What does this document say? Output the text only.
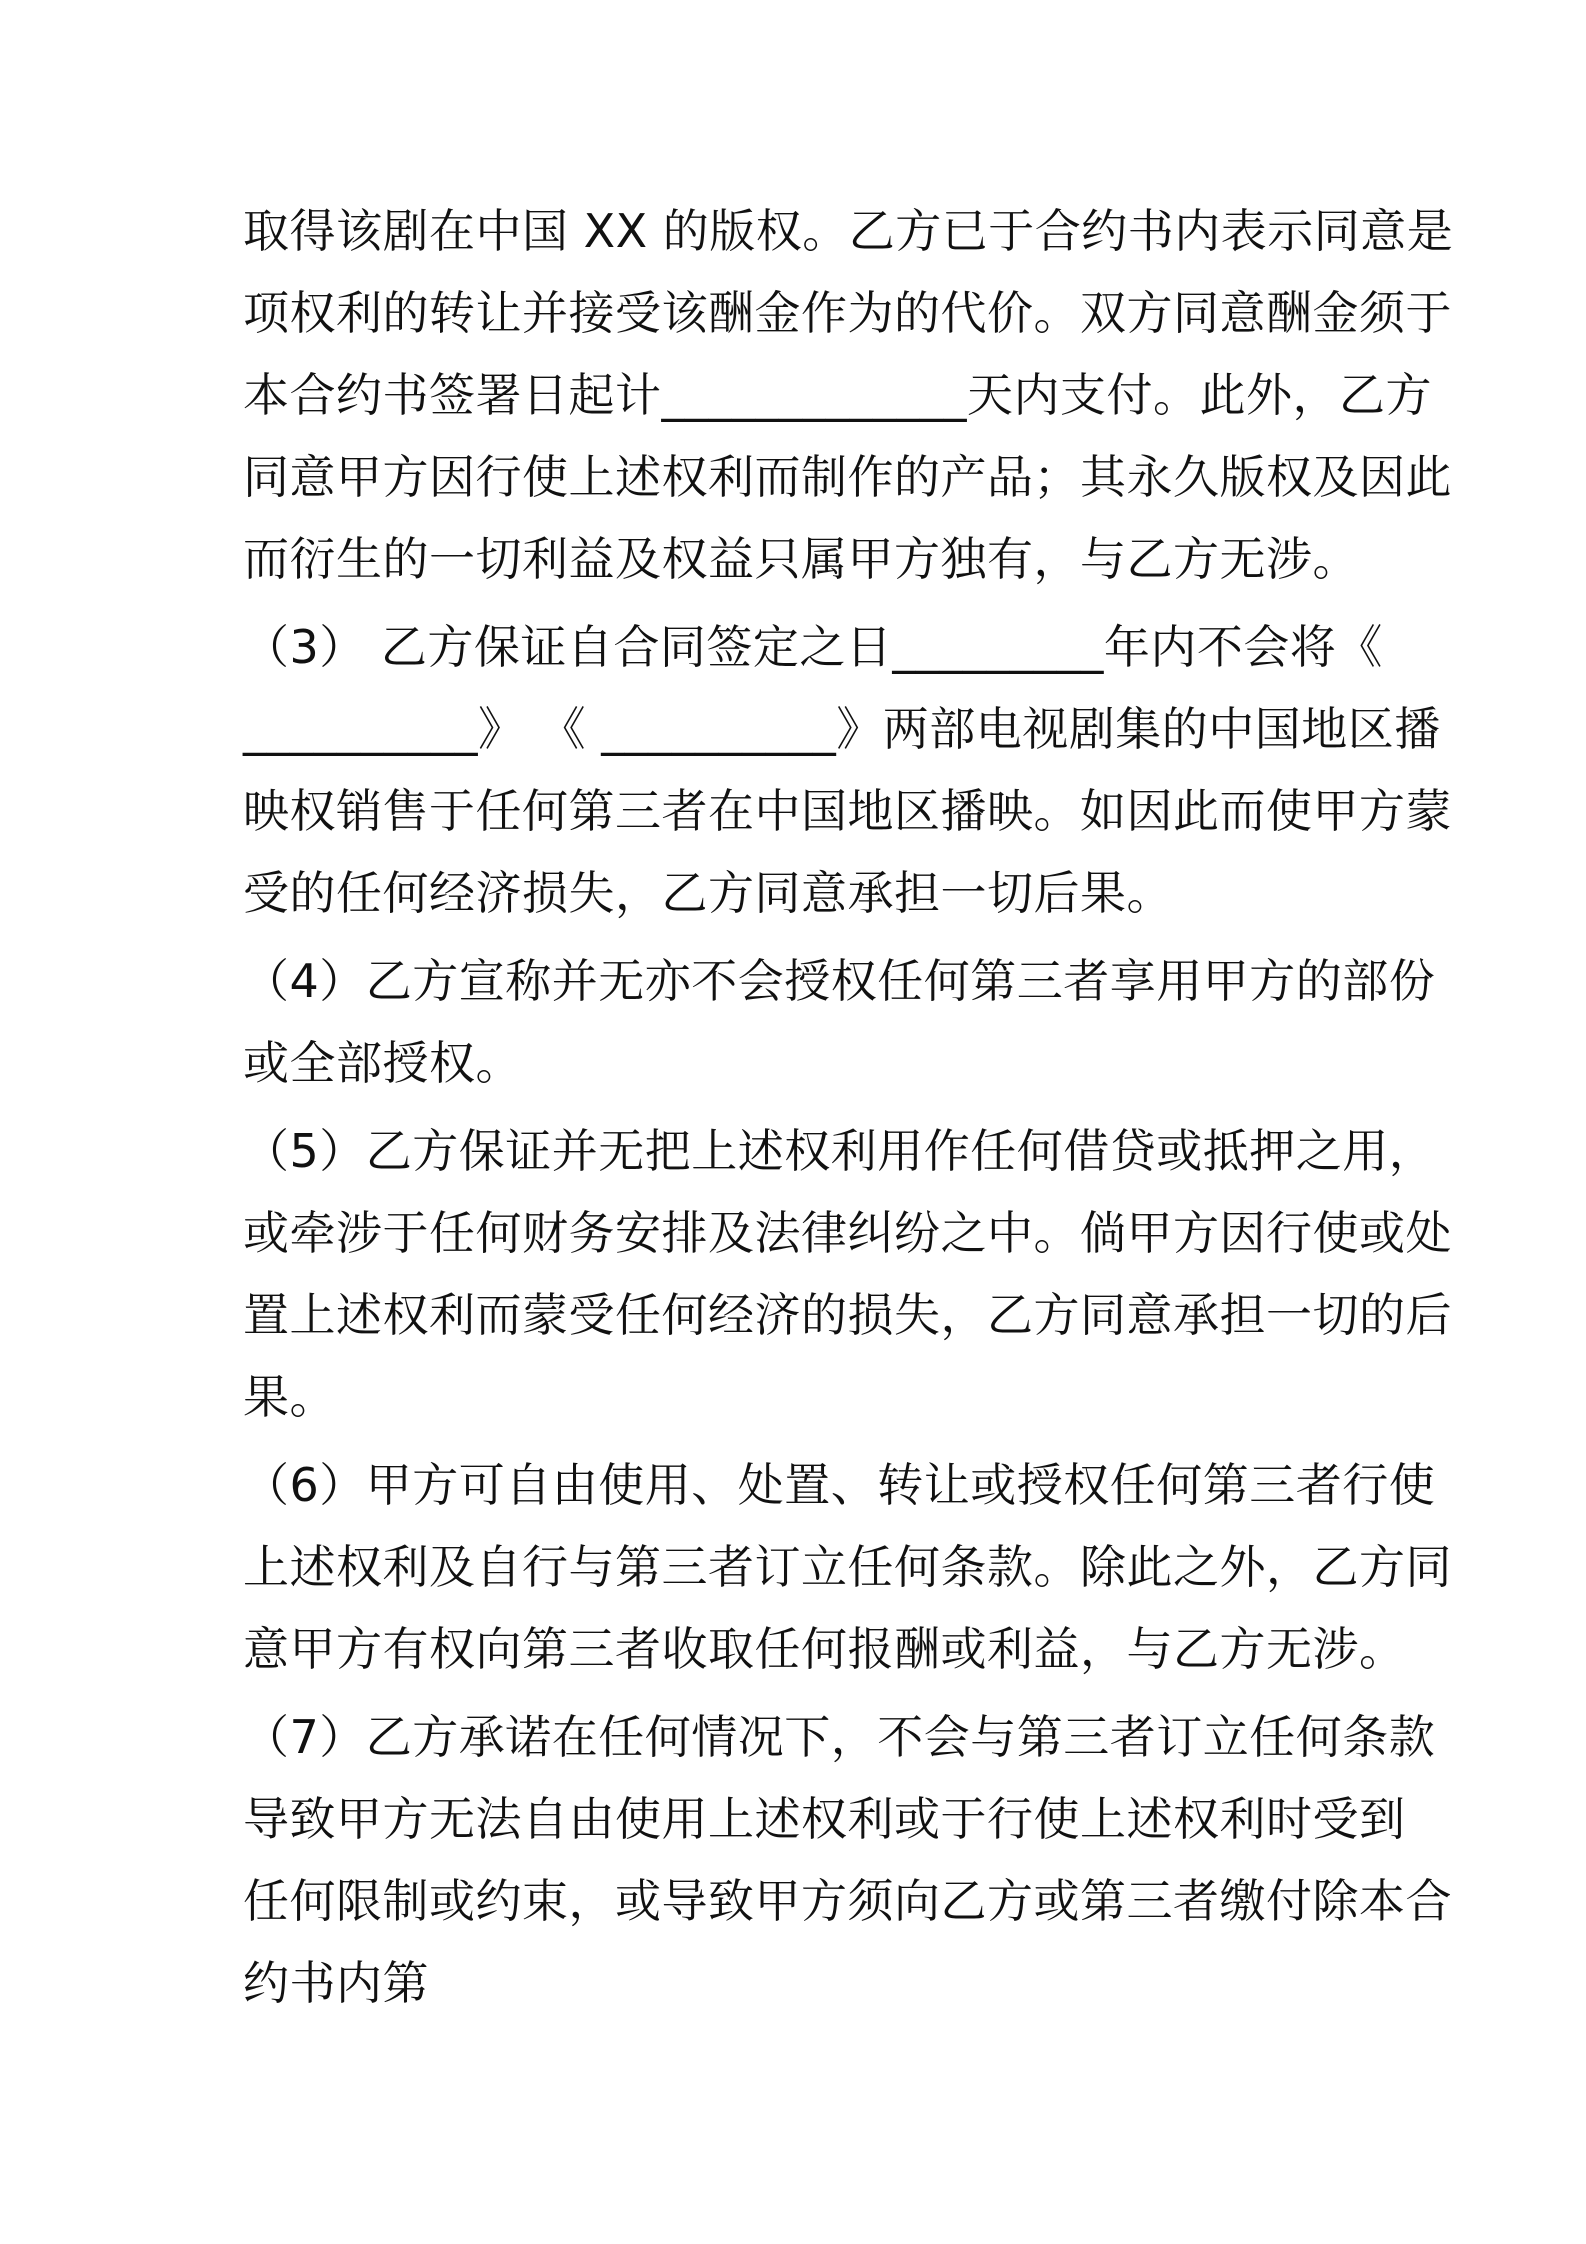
取得该剧在中国 XX 的版权。乙方已于合约书内表示同意是
项权利的转让并接受该酬金作为的代价。双方同意酬金须于
本合约书签署日起计_____________天内支付。此外，乙方
同意甲方因行使上述权利而制作的产品；其永久版权及因此
而衍生的一切利益及权益只属甲方独有，与乙方无涉。
（3） 乙方保证自合同签定之日_________年内不会将《
__________》 《 __________》两部电视剧集的中国地区播
映权销售于任何第三者在中国地区播映。如因此而使甲方蒙
受的任何经济损失，乙方同意承担一切后果。
（4）乙方宣称并无亦不会授权任何第三者享用甲方的部份
或全部授权。
（5）乙方保证并无把上述权利用作任何借贷或抵押之用，
或牵涉于任何财务安排及法律纠纷之中。倘甲方因行使或处
置上述权利而蒙受任何经济的损失，乙方同意承担一切的后
果。
（6）甲方可自由使用、处置、转让或授权任何第三者行使
上述权利及自行与第三者订立任何条款。除此之外，乙方同
意甲方有权向第三者收取任何报酬或利益，与乙方无涉。
（7）乙方承诺在任何情况下，不会与第三者订立任何条款
导致甲方无法自由使用上述权利或于行使上述权利时受到
任何限制或约束，或导致甲方须向乙方或第三者缴付除本合
约书内第
